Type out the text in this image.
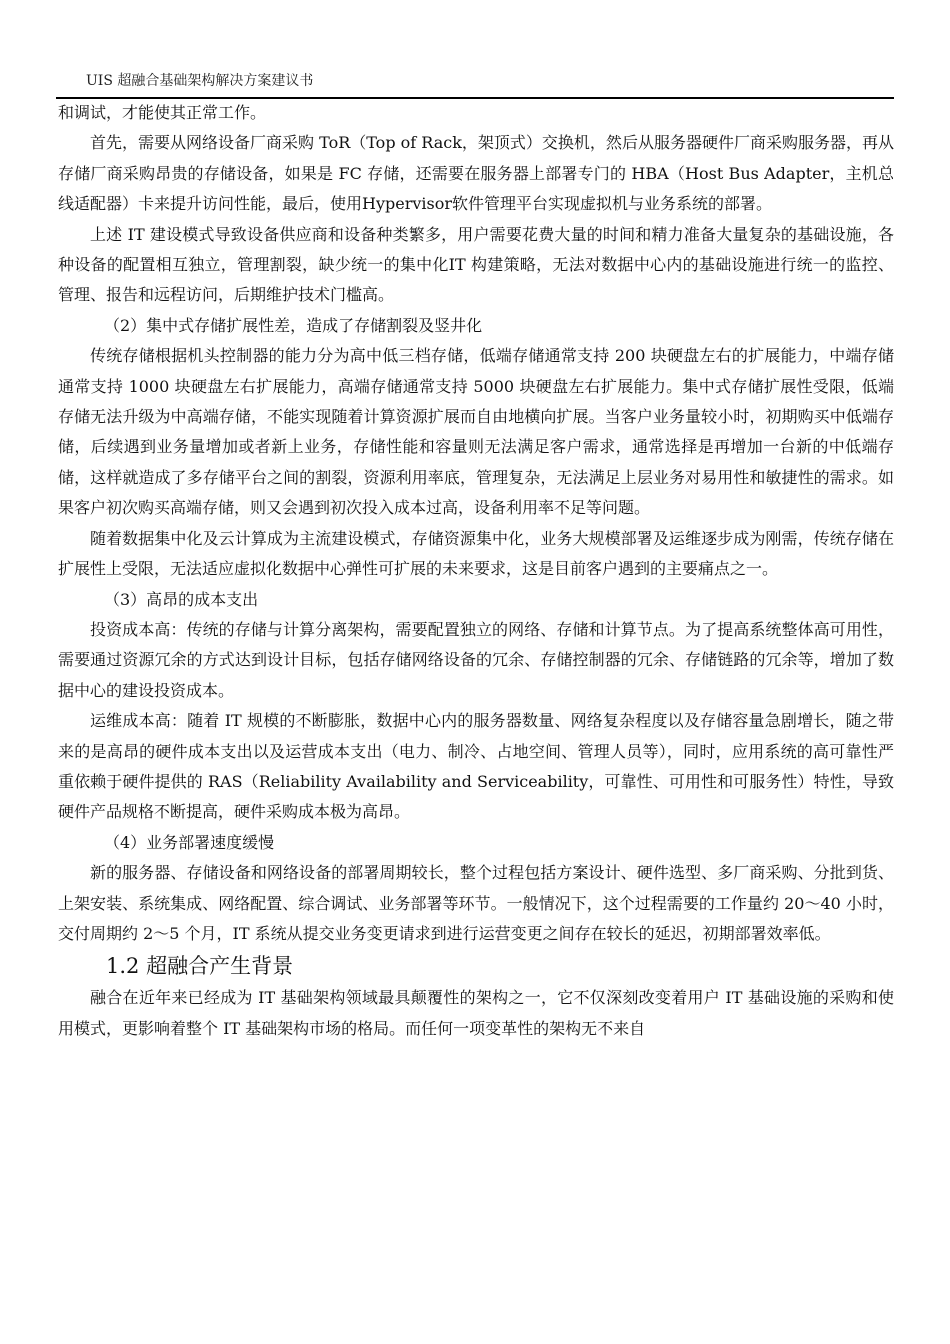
UIS 超融合基础架构解决方案建议书

和调试，才能使其正常工作。

首先，需要从网络设备厂商采购 ToR（Top of Rack，架顶式）交换机，然后从服务器硬件厂商采购服务器，再从存储厂商采购昂贵的存储设备，如果是 FC 存储，还需要在服务器上部署专门的 HBA（Host Bus Adapter，主机总线适配器）卡来提升访问性能，最后，使用Hypervisor软件管理平台实现虚拟机与业务系统的部署。

上述 IT 建设模式导致设备供应商和设备种类繁多，用户需要花费大量的时间和精力准备大量复杂的基础设施，各种设备的配置相互独立，管理割裂，缺少统一的集中化IT 构建策略，无法对数据中心内的基础设施进行统一的监控、管理、报告和远程访问，后期维护技术门槛高。

（2）集中式存储扩展性差，造成了存储割裂及竖井化

传统存储根据机头控制器的能力分为高中低三档存储，低端存储通常支持 200 块硬盘左右的扩展能力，中端存储通常支持 1000 块硬盘左右扩展能力，高端存储通常支持 5000 块硬盘左右扩展能力。集中式存储扩展性受限，低端存储无法升级为中高端存储，不能实现随着计算资源扩展而自由地横向扩展。当客户业务量较小时，初期购买中低端存储，后续遇到业务量增加或者新上业务，存储性能和容量则无法满足客户需求，通常选择是再增加一台新的中低端存储，这样就造成了多存储平台之间的割裂，资源利用率底，管理复杂，无法满足上层业务对易用性和敏捷性的需求。如果客户初次购买高端存储，则又会遇到初次投入成本过高，设备利用率不足等问题。

随着数据集中化及云计算成为主流建设模式，存储资源集中化，业务大规模部署及运维逐步成为刚需，传统存储在扩展性上受限，无法适应虚拟化数据中心弹性可扩展的未来要求，这是目前客户遇到的主要痛点之一。

（3）高昂的成本支出

投资成本高：传统的存储与计算分离架构，需要配置独立的网络、存储和计算节点。为了提高系统整体高可用性，需要通过资源冗余的方式达到设计目标，包括存储网络设备的冗余、存储控制器的冗余、存储链路的冗余等，增加了数据中心的建设投资成本。

运维成本高：随着 IT 规模的不断膨胀，数据中心内的服务器数量、网络复杂程度以及存储容量急剧增长，随之带来的是高昂的硬件成本支出以及运营成本支出（电力、制冷、占地空间、管理人员等），同时，应用系统的高可靠性严重依赖于硬件提供的 RAS（Reliability Availability and Serviceability，可靠性、可用性和可服务性）特性，导致硬件产品规格不断提高，硬件采购成本极为高昂。

（4）业务部署速度缓慢

新的服务器、存储设备和网络设备的部署周期较长，整个过程包括方案设计、硬件选型、多厂商采购、分批到货、上架安装、系统集成、网络配置、综合调试、业务部署等环节。一般情况下，这个过程需要的工作量约 20～40 小时，交付周期约 2～5 个月，IT 系统从提交业务变更请求到进行运营变更之间存在较长的延迟，初期部署效率低。

1.2 超融合产生背景

融合在近年来已经成为 IT 基础架构领域最具颠覆性的架构之一，它不仅深刻改变着用户 IT 基础设施的采购和使用模式，更影响着整个 IT 基础架构市场的格局。而任何一项变革性的架构无不来自
